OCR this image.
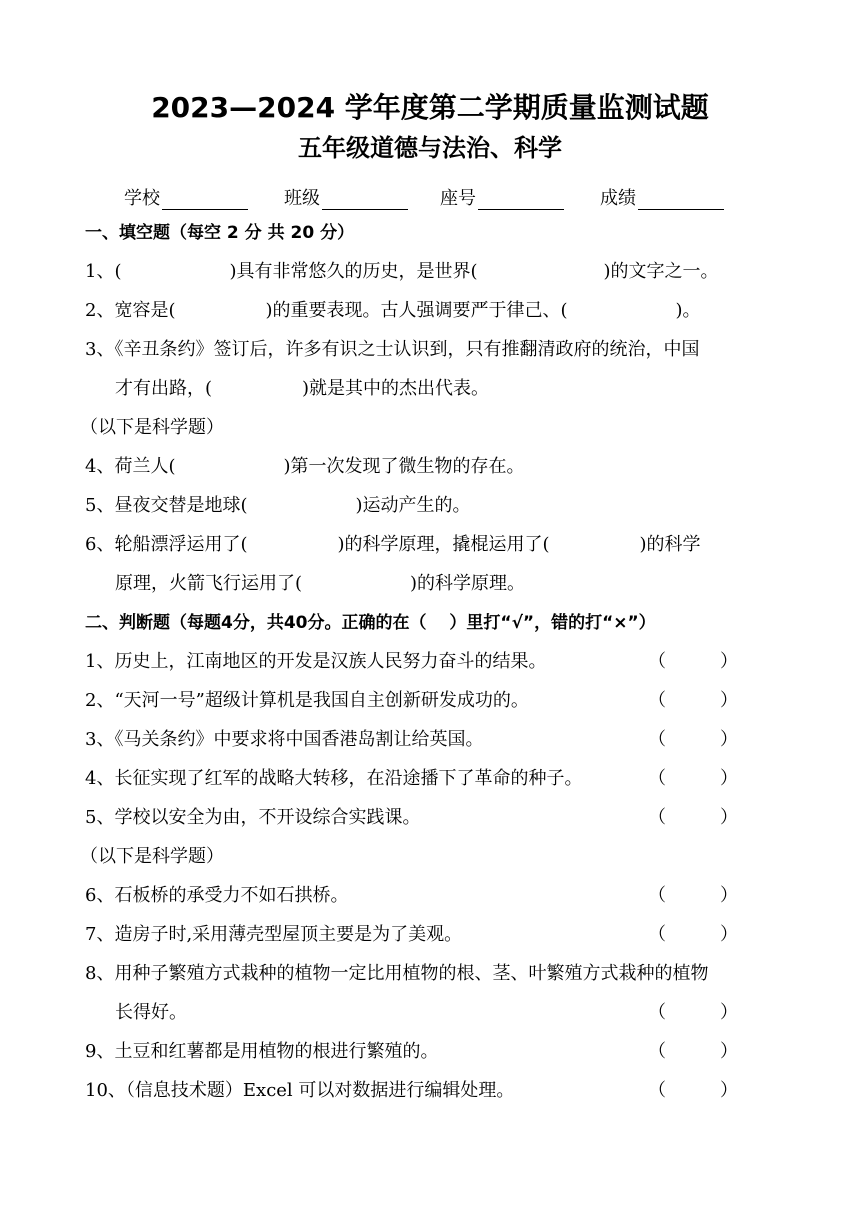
2023—2024 学年度第二学期质量监测试题
五年级道德与法治、科学
学校	班级	座号	成绩
一、填空题（每空 2 分 共 20 分）
1、(　　　　　　)具有非常悠久的历史，是世界(　　　　　　　)的文字之一。
2、宽容是(　　　　　)的重要表现。古人强调要严于律己、(　　　　　　)。
3、《辛丑条约》签订后，许多有识之士认识到，只有推翻清政府的统治，中国
才有出路，(　　　　　)就是其中的杰出代表。
（以下是科学题）
4、荷兰人(　　　　　　)第一次发现了微生物的存在。
5、昼夜交替是地球(　　　　　　)运动产生的。
6、轮船漂浮运用了(　　　　　)的科学原理，撬棍运用了(　　　　　)的科学
原理，火箭飞行运用了(　　　　　　)的科学原理。
二、判断题（每题4分，共40分。正确的在（　 ）里打“√”，错的打“×”）
1、历史上，江南地区的开发是汉族人民努力奋斗的结果。	（　　　）
2、“天河一号”超级计算机是我国自主创新研发成功的。	（　　　）
3、《马关条约》中要求将中国香港岛割让给英国。	（　　　）
4、长征实现了红军的战略大转移，在沿途播下了革命的种子。	（　　　）
5、学校以安全为由，不开设综合实践课。	（　　　）
（以下是科学题）
6、石板桥的承受力不如石拱桥。	（　　　）
7、造房子时,采用薄壳型屋顶主要是为了美观。	（　　　）
8、用种子繁殖方式栽种的植物一定比用植物的根、茎、叶繁殖方式栽种的植物
长得好。	（　　　）
9、土豆和红薯都是用植物的根进行繁殖的。	（　　　）
10、（信息技术题）Excel 可以对数据进行编辑处理。	（　　　）
